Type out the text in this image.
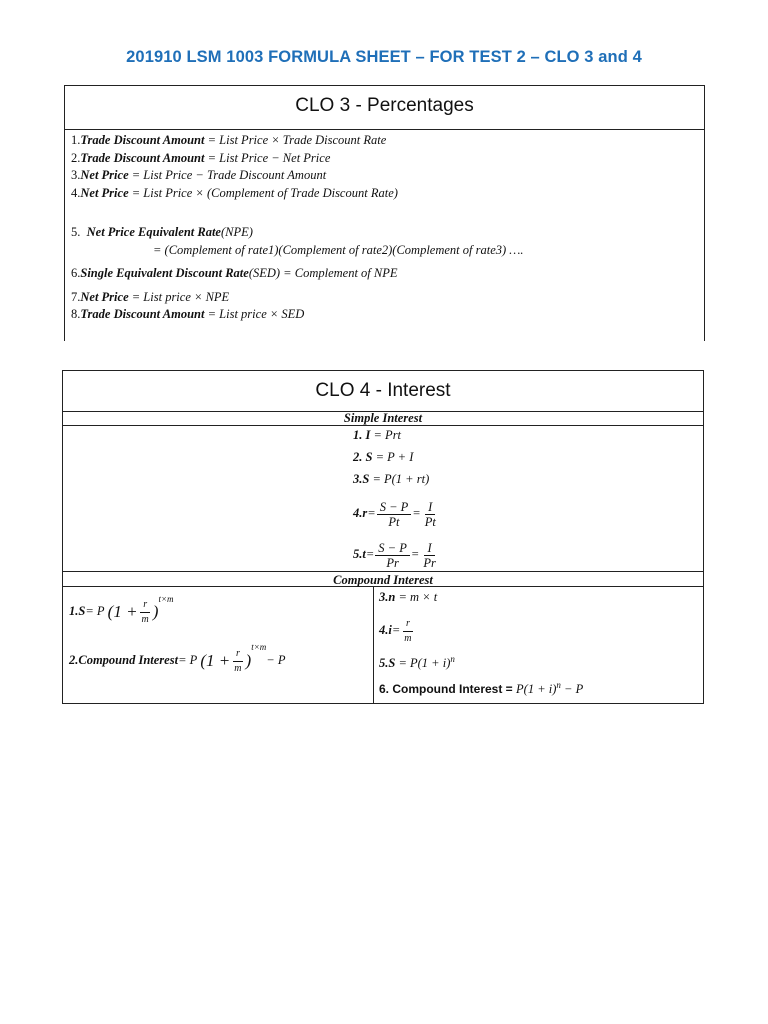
201910 LSM 1003 FORMULA SHEET – FOR TEST 2 – CLO 3 and 4
CLO 3 - Percentages
1.Trade Discount Amount = List Price × Trade Discount Rate
2.Trade Discount Amount = List Price − Net Price
3.Net Price = List Price − Trade Discount Amount
4.Net Price = List Price × (Complement of Trade Discount Rate)
5. Net Price Equivalent Rate(NPE)
= (Complement of rate1)(Complement of rate2)(Complement of rate3) ….
6.Single Equivalent Discount Rate(SED) = Complement of NPE
7.Net Price = List price × NPE
8.Trade Discount Amount = List price × SED
CLO 4 - Interest
Simple Interest
1. I = Prt
2. S = P + I
3.S = P(1 + rt)
4. $r = \frac{S - P}{Pt} = \frac{I}{Pt}$
5. $t = \frac{S - P}{Pr} = \frac{I}{Pr}$
Compound Interest
1. S = P
($1 + \frac{r}{m}$ )
$^{t\times m}$
2. Compound Interest = P
($1 + \frac{r}{m}$ )
$^{t\times m}$
− P
3.n = m × t
4. $i = \frac{r}{m}$
$5.S = P(1 + i)^n$
6. Compound Interest = $P(1 + i)^n - P$
